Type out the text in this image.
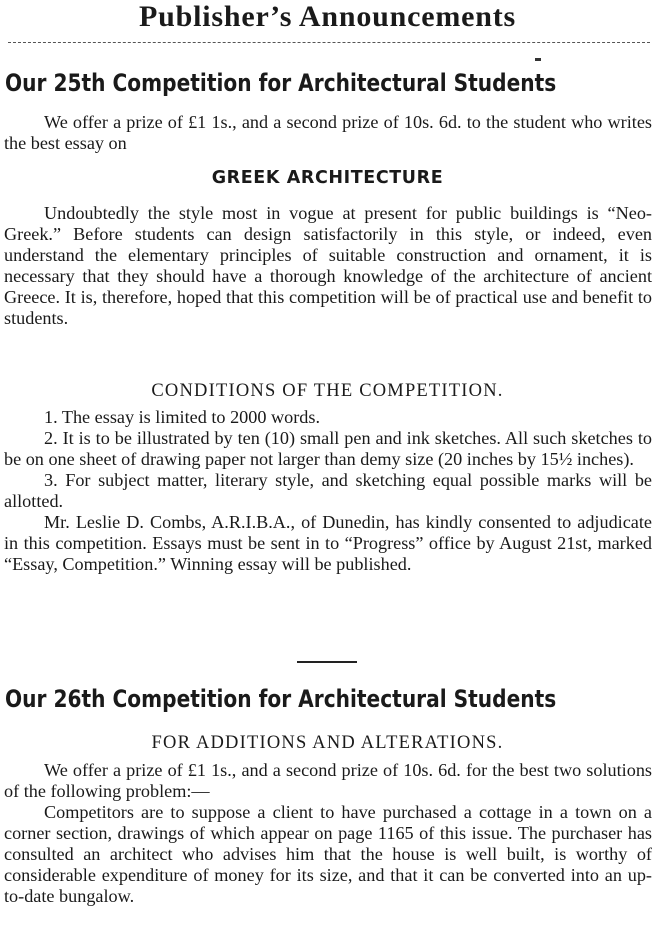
Publisher’s Announcements
Our 25th Competition for Architectural Students

We offer a prize of £1 1s., and a second prize of 10s. 6d. to the student who writes the best essay on

GREEK ARCHITECTURE

Undoubtedly the style most in vogue at present for public buildings is “Neo-Greek.” Before students can design satisfactorily in this style, or indeed, even understand the elementary principles of suitable construction and ornament, it is necessary that they should have a thorough knowledge of the architecture of ancient Greece. It is, therefore, hoped that this competition will be of practical use and benefit to students.

CONDITIONS OF THE COMPETITION.

1. The essay is limited to 2000 words.

2. It is to be illustrated by ten (10) small pen and ink sketches. All such sketches to be on one sheet of drawing paper not larger than demy size (20 inches by 15½ inches).

3. For subject matter, literary style, and sketching equal possible marks will be allotted.

Mr. Leslie D. Combs, A.R.I.B.A., of Dunedin, has kindly consented to adjudicate in this competition. Essays must be sent in to “Progress” office by August 21st, marked “Essay, Competition.” Winning essay will be published.

Our 26th Competition for Architectural Students
FOR ADDITIONS AND ALTERATIONS.

We offer a prize of £1 1s., and a second prize of 10s. 6d. for the best two solutions of the following problem:—

Competitors are to suppose a client to have purchased a cottage in a town on a corner section, drawings of which appear on page 1165 of this issue. The purchaser has consulted an architect who advises him that the house is well built, is worthy of considerable expenditure of money for its size, and that it can be converted into an up-to-date bungalow.
